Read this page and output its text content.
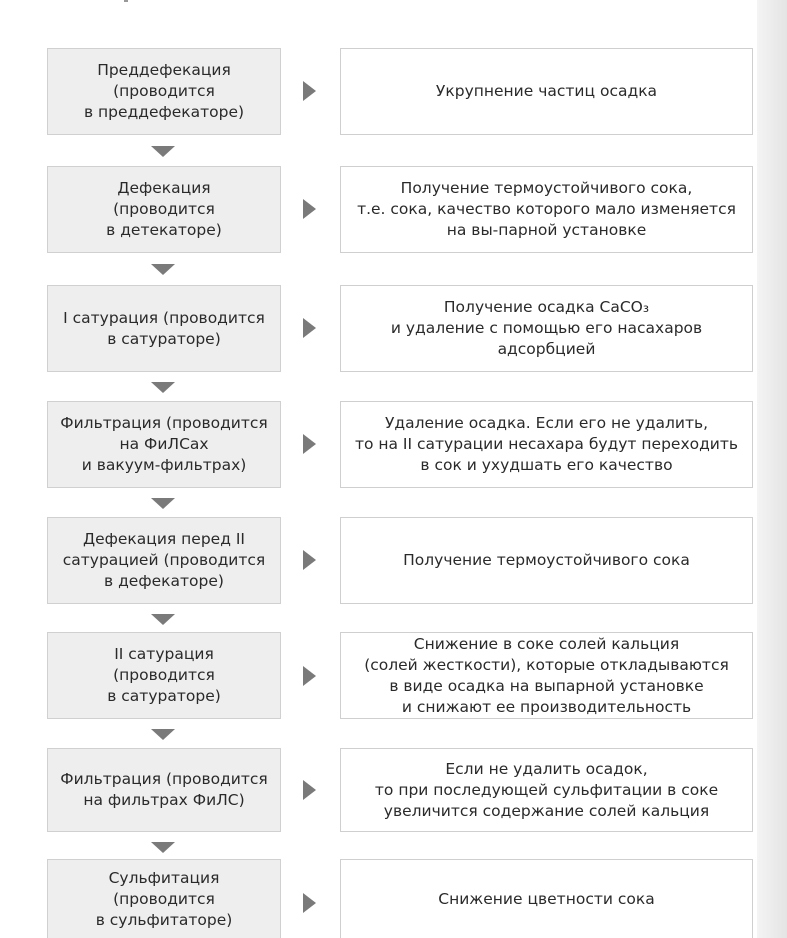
Преддефекация
(проводится
в преддефекаторе)
Укрупнение частиц осадка
Дефекация
(проводится
в детекаторе)
Получение термоустойчивого сока,
т.е. сока, качество которого мало изменяется
на вы-парной установке
I сатурация (проводится
в сатураторе)
Получение осадка CaCO₃
и удаление с помощью его насахаров
адсорбцией
Фильтрация (проводится
на ФиЛСах
и вакуум-фильтрах)
Удаление осадка. Если его не удалить,
то на II сатурации несахара будут переходить
в сок и ухудшать его качество
Дефекация перед II
сатурацией (проводится
в дефекаторе)
Получение термоустойчивого сока
II сатурация
(проводится
в сатураторе)
Снижение в соке солей кальция
(солей жесткости), которые откладываются
в виде осадка на выпарной установке
и снижают ее производительность
Фильтрация (проводится
на фильтрах ФиЛС)
Если не удалить осадок,
то при последующей сульфитации в соке
увеличится содержание солей кальция
Сульфитация
(проводится
в сульфитаторе)
Снижение цветности сока
